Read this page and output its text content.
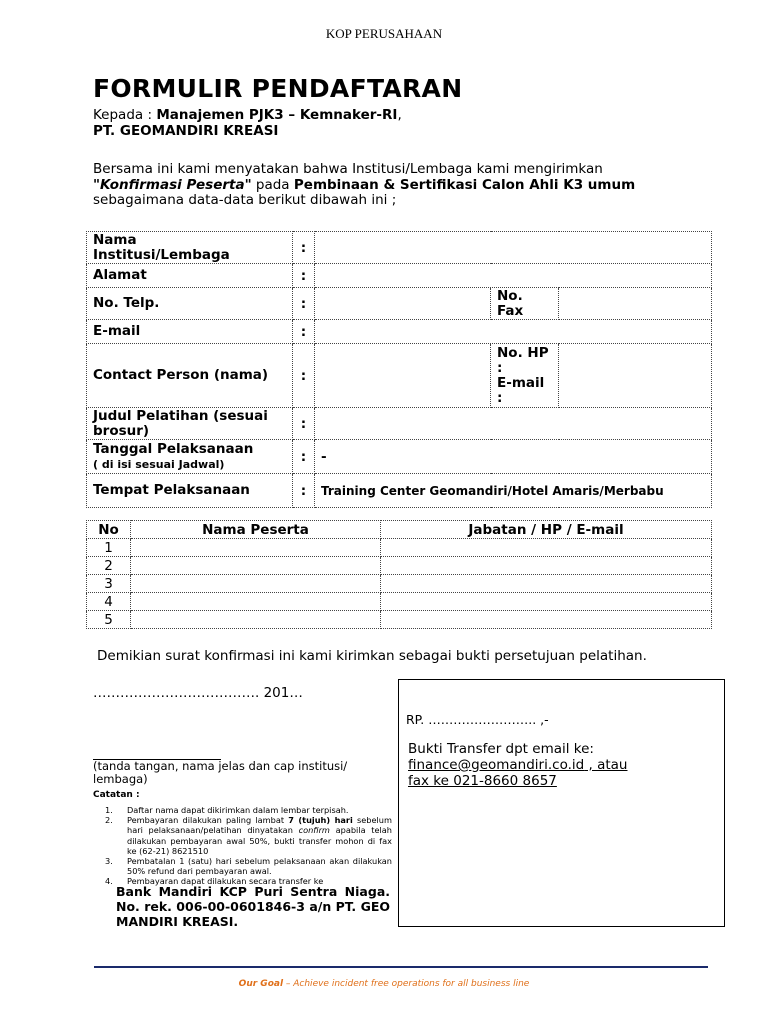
KOP PERUSAHAAN
FORMULIR PENDAFTARAN
Kepada : Manajemen PJK3 – Kemnaker-RI,
PT. GEOMANDIRI KREASI
Bersama ini kami menyatakan bahwa Institusi/Lembaga kami mengirimkan
"Konfirmasi Peserta" pada Pembinaan & Sertifikasi Calon Ahli K3 umum
sebagaimana data-data berikut dibawah ini ;
Nama
Institusi/Lembaga	:			
Alamat	:			
No. Telp.	:		No.
Fax	

E-mail	:			
Contact Person (nama)	:		No. HP
:
E-mail
:	

Judul Pelatihan (sesuai
brosur)	:			

Tanggal Pelaksanaan
( di isi sesuai Jadwal)	:	-		
Tempat Pelaksanaan	:	Training Center Geomandiri/Hotel Amaris/Merbabu		
No	Nama Peserta	Jabatan / HP / E-mail
1		
2		
3		
4		
5		
Demikian surat konfirmasi ini kami kirimkan sebagai bukti persetujuan pelatihan.
………………………………. 201…
(tanda tangan, nama jelas dan cap institusi/
lembaga)
RP. …………………….. ,-
Bukti Transfer dpt email ke:
finance@geomandiri.co.id , atau
fax ke 021-8660 8657
Catatan :
1.	Daftar nama dapat dikirimkan dalam lembar terpisah.
2.	Pembayaran dilakukan paling lambat 7 (tujuh) hari sebelum hari pelaksanaan/pelatihan dinyatakan confirm apabila telah dilakukan pembayaran awal 50%, bukti transfer mohon di fax ke (62-21) 8621510
3.	Pembatalan 1 (satu) hari sebelum pelaksanaan akan dilakukan 50% refund dari pembayaran awal.
4.	Pembayaran dapat dilakukan secara transfer ke
Bank Mandiri KCP Puri Sentra Niaga. No. rek. 006-00-0601846-3 a/n PT. GEO MANDIRI KREASI.
Our Goal – Achieve incident free operations for all business line
